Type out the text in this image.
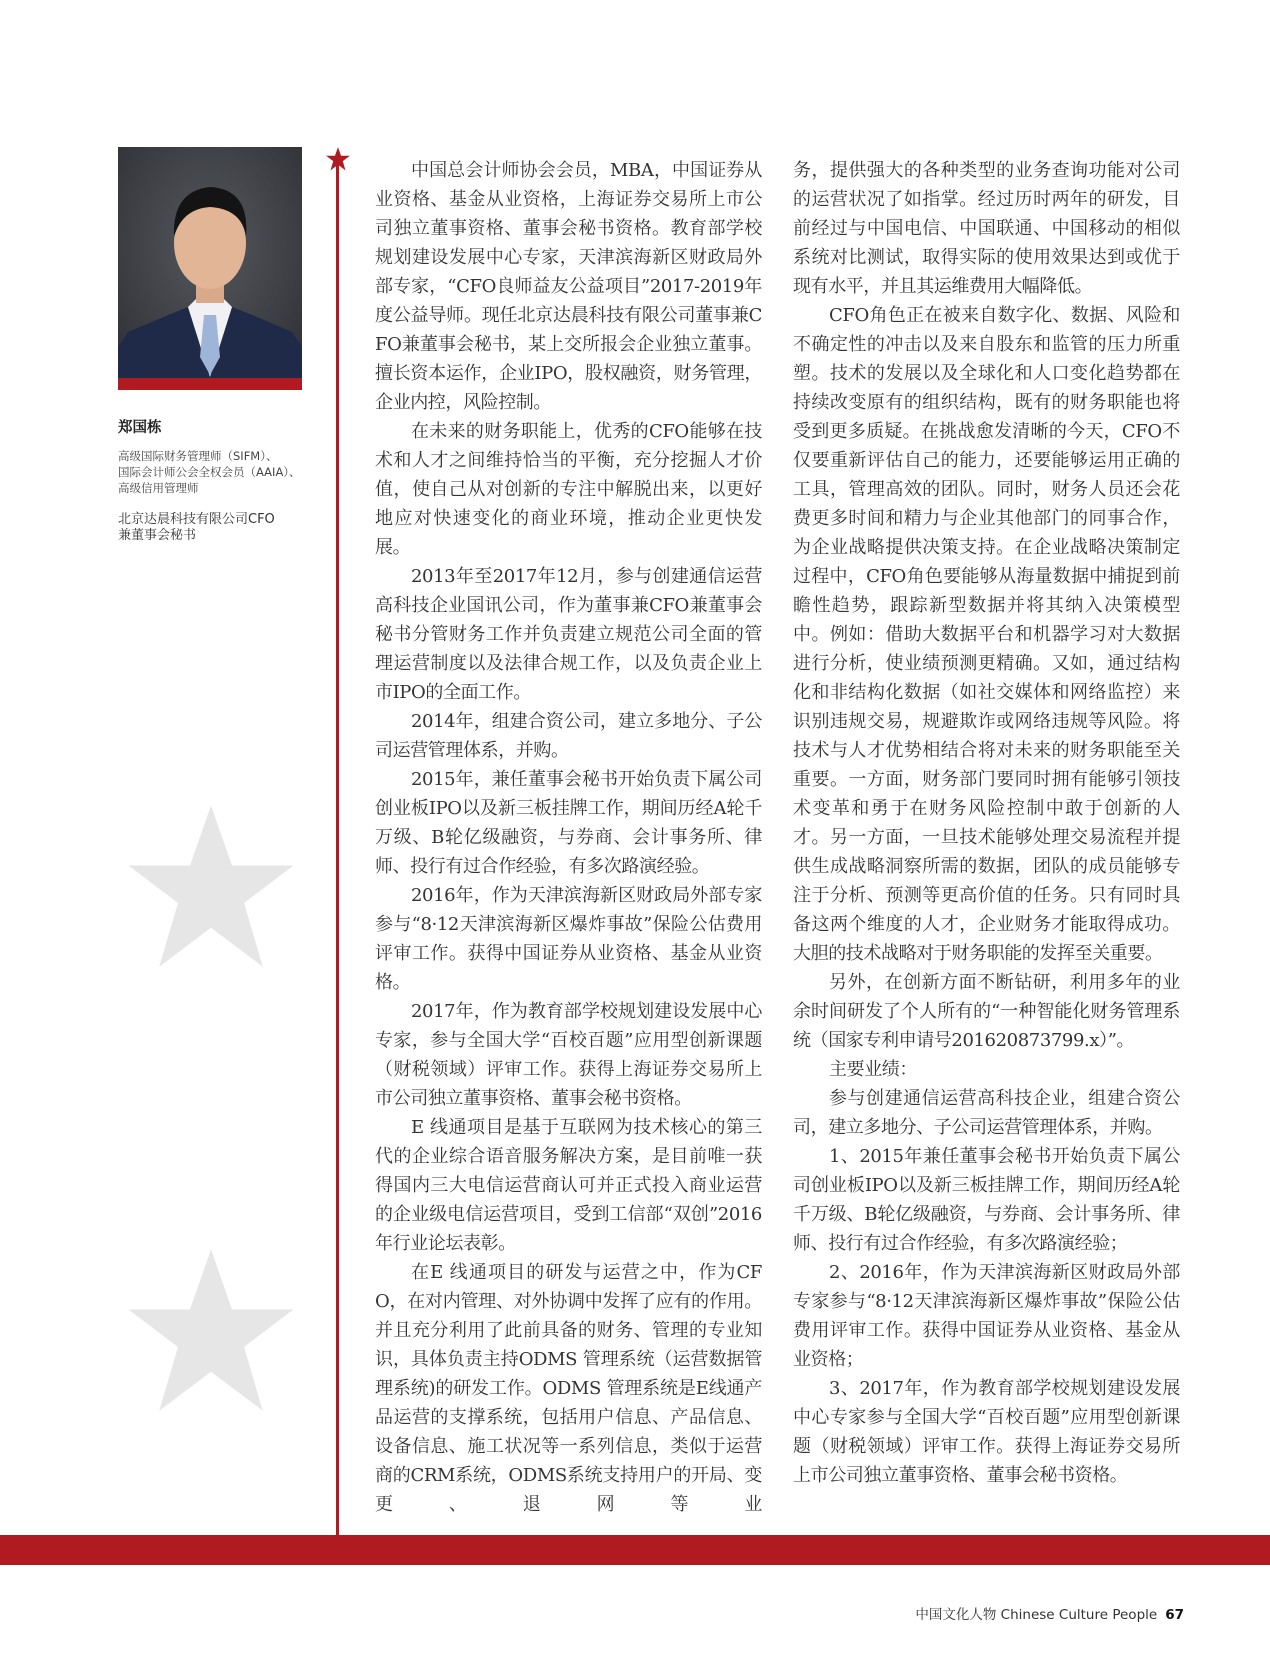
郑国栋
高级国际财务管理师（SIFM）、
国际会计师公会全权会员（AAIA）、
高级信用管理师
北京达晨科技有限公司CFO
兼董事会秘书

中国总会计师协会会员，MBA，中国证券从业资格、基金从业资格，上海证券交易所上市公司独立董事资格、董事会秘书资格。教育部学校规划建设发展中心专家，天津滨海新区财政局外部专家，“CFO良师益友公益项目”2017-2019年度公益导师。现任北京达晨科技有限公司董事兼CFO兼董事会秘书，某上交所报会企业独立董事。擅长资本运作，企业IPO，股权融资，财务管理，企业内控，风险控制。

在未来的财务职能上，优秀的CFO能够在技术和人才之间维持恰当的平衡，充分挖掘人才价值，使自己从对创新的专注中解脱出来，以更好地应对快速变化的商业环境，推动企业更快发展。

2013年至2017年12月，参与创建通信运营高科技企业国讯公司，作为董事兼CFO兼董事会秘书分管财务工作并负责建立规范公司全面的管理运营制度以及法律合规工作，以及负责企业上市IPO的全面工作。

2014年，组建合资公司，建立多地分、子公司运营管理体系，并购。

2015年，兼任董事会秘书开始负责下属公司创业板IPO以及新三板挂牌工作，期间历经A轮千万级、B轮亿级融资，与券商、会计事务所、律师、投行有过合作经验，有多次路演经验。

2016年，作为天津滨海新区财政局外部专家参与“8·12天津滨海新区爆炸事故”保险公估费用评审工作。获得中国证券从业资格、基金从业资格。

2017年，作为教育部学校规划建设发展中心专家，参与全国大学“百校百题”应用型创新课题（财税领域）评审工作。获得上海证券交易所上市公司独立董事资格、董事会秘书资格。

E 线通项目是基于互联网为技术核心的第三代的企业综合语音服务解决方案，是目前唯一获得国内三大电信运营商认可并正式投入商业运营的企业级电信运营项目，受到工信部“双创”2016年行业论坛表彰。

在E 线通项目的研发与运营之中，作为CFO，在对内管理、对外协调中发挥了应有的作用。并且充分利用了此前具备的财务、管理的专业知识，具体负责主持ODMS 管理系统（运营数据管理系统)的研发工作。ODMS 管理系统是E线通产品运营的支撑系统，包括用户信息、产品信息、设备信息、施工状况等一系列信息，类似于运营商的CRM系统，ODMS系统支持用户的开局、变更、退网等业

务，提供强大的各种类型的业务查询功能对公司的运营状况了如指掌。经过历时两年的研发，目前经过与中国电信、中国联通、中国移动的相似系统对比测试，取得实际的使用效果达到或优于现有水平，并且其运维费用大幅降低。

CFO角色正在被来自数字化、数据、风险和不确定性的冲击以及来自股东和监管的压力所重塑。技术的发展以及全球化和人口变化趋势都在持续改变原有的组织结构，既有的财务职能也将受到更多质疑。在挑战愈发清晰的今天，CFO不仅要重新评估自己的能力，还要能够运用正确的工具，管理高效的团队。同时，财务人员还会花费更多时间和精力与企业其他部门的同事合作，为企业战略提供决策支持。在企业战略决策制定过程中，CFO角色要能够从海量数据中捕捉到前瞻性趋势，跟踪新型数据并将其纳入决策模型中。例如：借助大数据平台和机器学习对大数据进行分析，使业绩预测更精确。又如，通过结构化和非结构化数据（如社交媒体和网络监控）来识别违规交易，规避欺诈或网络违规等风险。将技术与人才优势相结合将对未来的财务职能至关重要。一方面，财务部门要同时拥有能够引领技术变革和勇于在财务风险控制中敢于创新的人才。另一方面，一旦技术能够处理交易流程并提供生成战略洞察所需的数据，团队的成员能够专注于分析、预测等更高价值的任务。只有同时具备这两个维度的人才，企业财务才能取得成功。大胆的技术战略对于财务职能的发挥至关重要。

另外，在创新方面不断钻研，利用多年的业余时间研发了个人所有的“一种智能化财务管理系统（国家专利申请号201620873799.x）”。

主要业绩：

参与创建通信运营高科技企业，组建合资公司，建立多地分、子公司运营管理体系，并购。

1、2015年兼任董事会秘书开始负责下属公司创业板IPO以及新三板挂牌工作，期间历经A轮千万级、B轮亿级融资，与券商、会计事务所、律师、投行有过合作经验，有多次路演经验；

2、2016年，作为天津滨海新区财政局外部专家参与“8·12天津滨海新区爆炸事故”保险公估费用评审工作。获得中国证券从业资格、基金从业资格；

3、2017年，作为教育部学校规划建设发展中心专家参与全国大学“百校百题”应用型创新课题（财税领域）评审工作。获得上海证券交易所上市公司独立董事资格、董事会秘书资格。

中国文化人物 Chinese Culture People 67
